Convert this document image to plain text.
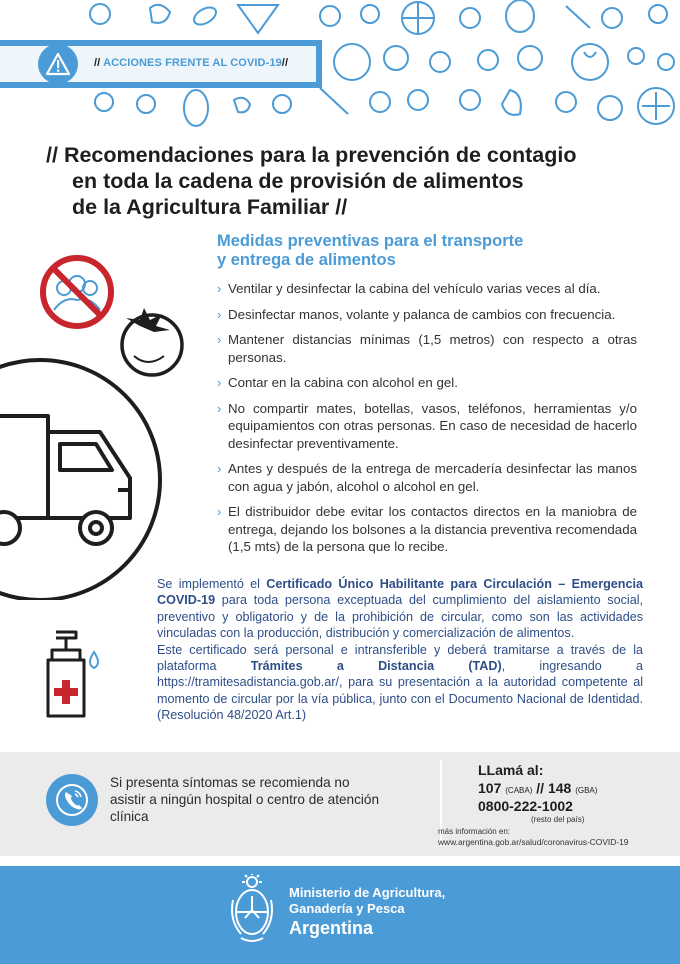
// ACCIONES FRENTE AL COVID-19//
// Recomendaciones para la prevención de contagio
en toda la cadena de provisión de alimentos
de la Agricultura Familiar //
Medidas preventivas para el transporte
y entrega de alimentos
› Ventilar y desinfectar la cabina del vehículo varias veces al día.
› Desinfectar manos, volante y palanca de cambios con frecuencia.
› Mantener distancias mínimas (1,5 metros) con respecto a otras personas.
› Contar en la cabina con alcohol en gel.
› No compartir mates, botellas, vasos, teléfonos, herramientas y/o equipamientos con otras personas. En caso de necesidad de hacerlo desinfectar preventivamente.
› Antes y después de la entrega de mercadería desinfectar las manos con agua y jabón, alcohol o alcohol en gel.
› El distribuidor debe evitar los contactos directos en la maniobra de entrega, dejando los bolsones a la distancia preventiva recomendada (1,5 mts) de la persona que lo recibe.
Se implementó el Certificado Único Habilitante para Circulación – Emergencia COVID-19 para toda persona exceptuada del cumplimiento del aislamiento social, preventivo y obligatorio y de la prohibición de circular, como son las actividades vinculadas con la producción, distribución y comercialización de alimentos.
Este certificado será personal e intransferible y deberá tramitarse a través de la plataforma Trámites a Distancia (TAD), ingresando a https://tramitesadistancia.gob.ar/, para su presentación a la autoridad competente al momento de circular por la vía pública, junto con el Documento Nacional de Identidad. (Resolución 48/2020 Art.1)
Si presenta síntomas se recomienda no asistir a ningún hospital o centro de atención clínica
LLamá al:
107 (CABA) // 148 (GBA)
0800-222-1002
(resto del país)
más información en:
www.argentina.gob.ar/salud/coronavirus-COVID-19
Ministerio de Agricultura,
Ganadería y Pesca
Argentina
